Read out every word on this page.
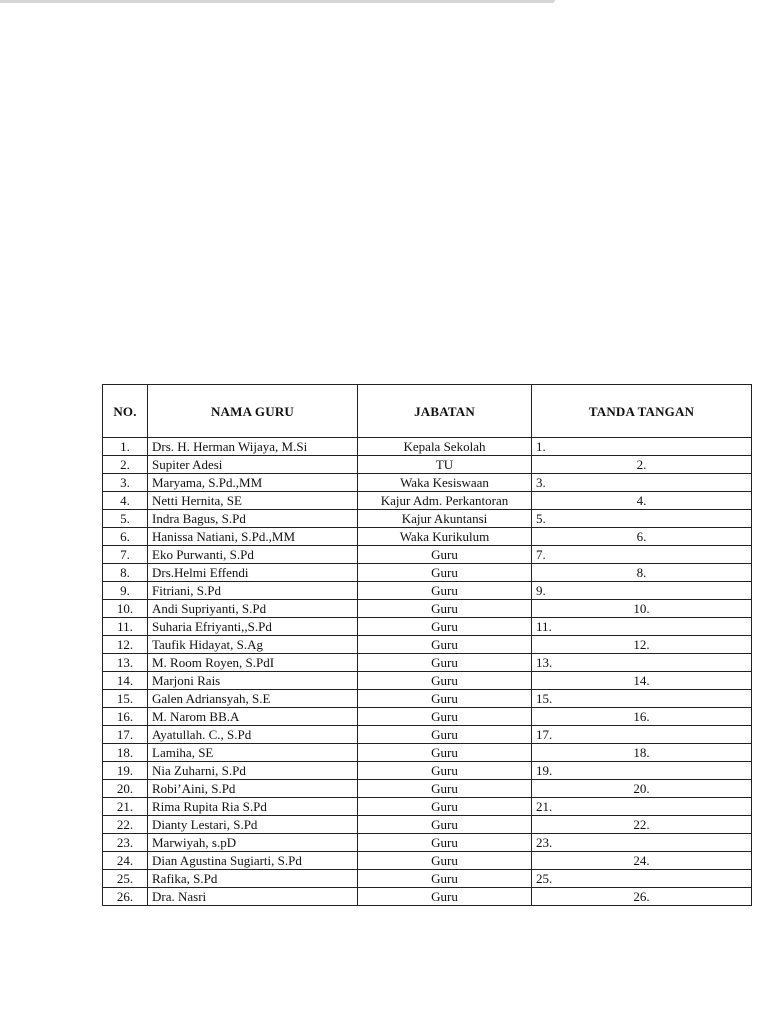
NO.	NAMA GURU	JABATAN	TANDA TANGAN
1.	Drs. H. Herman Wijaya, M.Si	Kepala Sekolah	1.
2.	Supiter Adesi	TU	2.
3.	Maryama, S.Pd.,MM	Waka Kesiswaan	3.
4.	Netti Hernita, SE	Kajur Adm. Perkantoran	4.
5.	Indra Bagus, S.Pd	Kajur Akuntansi	5.
6.	Hanissa Natiani, S.Pd.,MM	Waka Kurikulum	6.
7.	Eko Purwanti, S.Pd	Guru	7.
8.	Drs.Helmi Effendi	Guru	8.
9.	Fitriani, S.Pd	Guru	9.
10.	Andi Supriyanti, S.Pd	Guru	10.
11.	Suharia Efriyanti,,S.Pd	Guru	11.
12.	Taufik Hidayat, S.Ag	Guru	12.
13.	M. Room Royen, S.PdI	Guru	13.
14.	Marjoni Rais	Guru	14.
15.	Galen Adriansyah, S.E	Guru	15.
16.	M. Narom BB.A	Guru	16.
17.	Ayatullah. C., S.Pd	Guru	17.
18.	Lamiha, SE	Guru	18.
19.	Nia Zuharni, S.Pd	Guru	19.
20.	Robi’Aini, S.Pd	Guru	20.
21.	Rima Rupita Ria S.Pd	Guru	21.
22.	Dianty Lestari, S.Pd	Guru	22.
23.	Marwiyah, s.pD	Guru	23.
24.	Dian Agustina Sugiarti, S.Pd	Guru	24.
25.	Rafika, S.Pd	Guru	25.
26.	Dra. Nasri	Guru	26.
